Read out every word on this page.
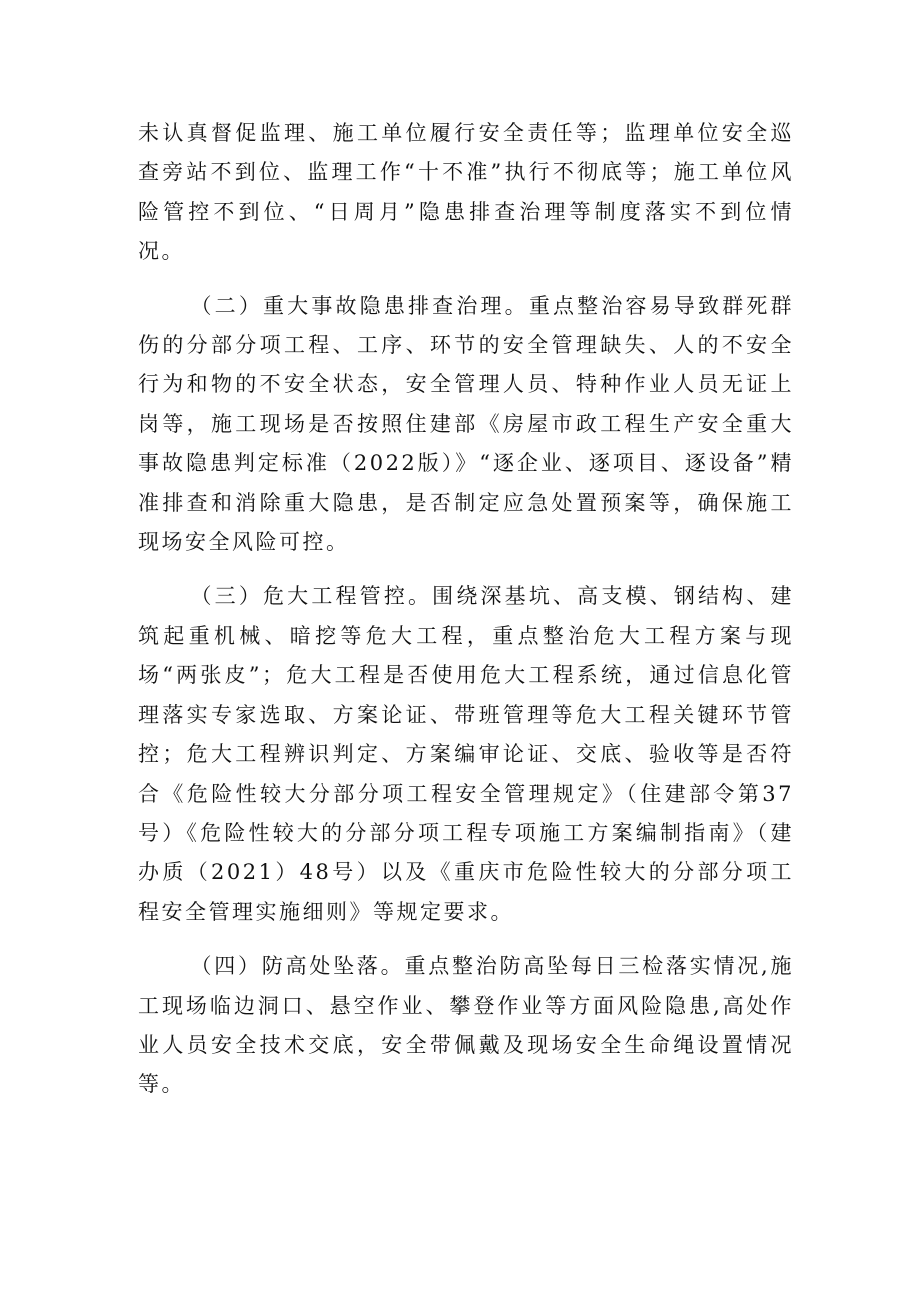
未认真督促监理、施工单位履行安全责任等；监理单位安全巡查旁站不到位、监理工作“十不准”执行不彻底等；施工单位风险管控不到位、“日周月”隐患排查治理等制度落实不到位情况。

（二）重大事故隐患排查治理。重点整治容易导致群死群伤的分部分项工程、工序、环节的安全管理缺失、人的不安全行为和物的不安全状态，安全管理人员、特种作业人员无证上岗等，施工现场是否按照住建部《房屋市政工程生产安全重大事故隐患判定标准（2022版）》“逐企业、逐项目、逐设备”精准排查和消除重大隐患，是否制定应急处置预案等，确保施工现场安全风险可控。

（三）危大工程管控。围绕深基坑、高支模、钢结构、建筑起重机械、暗挖等危大工程，重点整治危大工程方案与现场“两张皮”；危大工程是否使用危大工程系统，通过信息化管理落实专家选取、方案论证、带班管理等危大工程关键环节管控；危大工程辨识判定、方案编审论证、交底、验收等是否符合《危险性较大分部分项工程安全管理规定》（住建部令第37号）《危险性较大的分部分项工程专项施工方案编制指南》（建办质（2021）48号）以及《重庆市危险性较大的分部分项工程安全管理实施细则》等规定要求。

（四）防高处坠落。重点整治防高坠每日三检落实情况,施工现场临边洞口、悬空作业、攀登作业等方面风险隐患,高处作业人员安全技术交底，安全带佩戴及现场安全生命绳设置情况等。
